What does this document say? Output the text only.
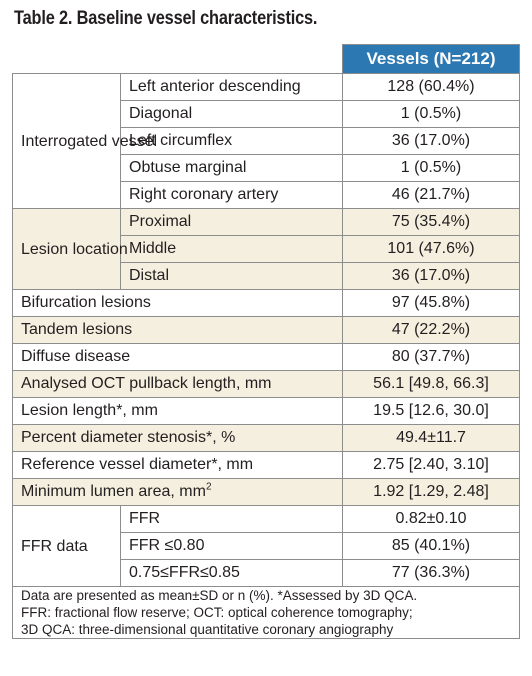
Table 2. Baseline vessel characteristics.
		Vessels (N=212)
Interrogated vessel	Left anterior descending	128 (60.4%)
	Diagonal	1 (0.5%)
	Left circumflex	36 (17.0%)
	Obtuse marginal	1 (0.5%)
	Right coronary artery	46 (21.7%)
Lesion location	Proximal	75 (35.4%)
	Middle	101 (47.6%)
	Distal	36 (17.0%)
Bifurcation lesions		97 (45.8%)
Tandem lesions		47 (22.2%)
Diffuse disease		80 (37.7%)
Analysed OCT pullback length, mm		56.1 [49.8, 66.3]
Lesion length*, mm		19.5 [12.6, 30.0]
Percent diameter stenosis*, %		49.4±11.7
Reference vessel diameter*, mm		2.75 [2.40, 3.10]
Minimum lumen area, $mm^2$		1.92 [1.29, 2.48]
FFR data	FFR	0.82±0.10
	FFR ≤0.80	85 (40.1%)
	0.75≤FFR≤0.85	77 (36.3%)

Data are presented as mean±SD or n (%). *Assessed by 3D QCA.
FFR: fractional flow reserve; OCT: optical coherence tomography;
3D QCA: three-dimensional quantitative coronary angiography		
